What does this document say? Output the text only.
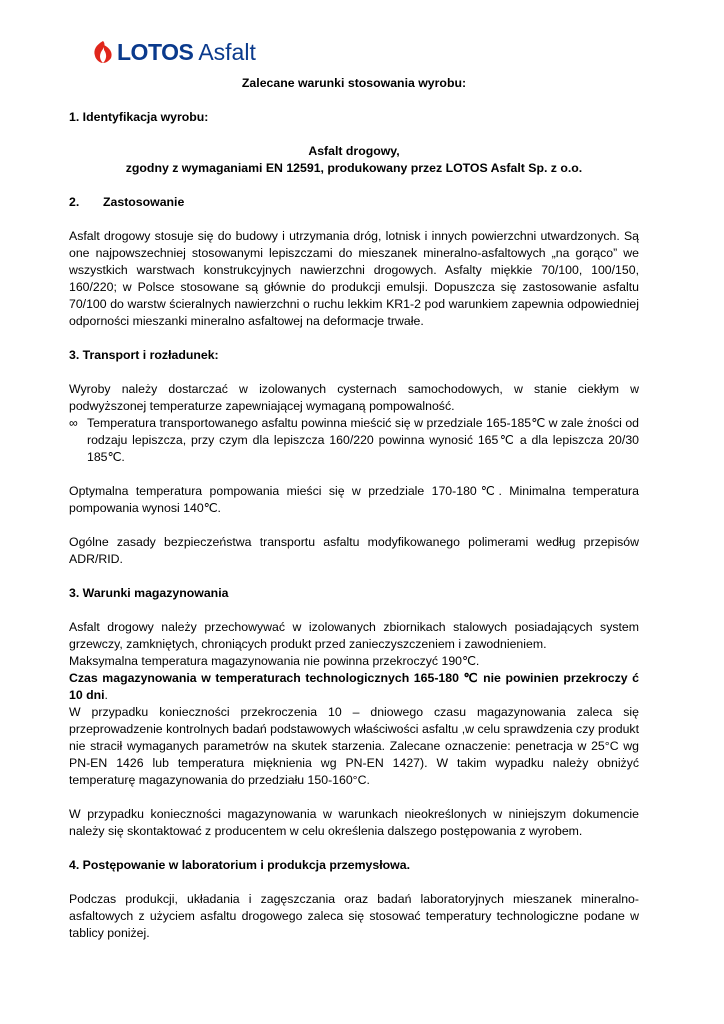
LOTOS Asfalt

Zalecane warunki stosowania wyrobu:

1. Identyfikacja wyrobu:

Asfalt drogowy,

zgodny z wymaganiami EN 12591, produkowany przez LOTOS Asfalt Sp. z o.o.

2.	Zastosowanie

Asfalt drogowy stosuje się do budowy i utrzymania dróg, lotnisk i innych powierzchni utwardzonych. Są one najpowszechniej stosowanymi lepiszczami do mieszanek mineralno-asfaltowych „na gorąco” we wszystkich warstwach konstrukcyjnych nawierzchni drogowych. Asfalty miękkie 70/100, 100/150, 160/220; w Polsce stosowane są głównie do produkcji emulsji. Dopuszcza się zastosowanie asfaltu 70/100 do warstw ścieralnych nawierzchni o ruchu lekkim KR1-2 pod warunkiem zapewnia odpowiedniej odporności mieszanki mineralno asfaltowej na deformacje trwałe.

3. Transport i rozładunek:

Wyroby należy dostarczać w izolowanych cysternach samochodowych, w stanie ciekłym w podwyższonej temperaturze zapewniającej wymaganą pompowalność.

∞ Temperatura transportowanego asfaltu powinna mieścić się w przedziale 165-185℃ w zale żności od rodzaju lepiszcza, przy czym dla lepiszcza 160/220 powinna wynosić 165℃ a dla lepiszcza 20/30 185℃.

Optymalna temperatura pompowania mieści się w przedziale 170-180℃. Minimalna temperatura pompowania wynosi 140℃.

Ogólne zasady bezpieczeństwa transportu asfaltu modyfikowanego polimerami według przepisów ADR/RID.

3. Warunki magazynowania

Asfalt drogowy należy przechowywać w izolowanych zbiornikach stalowych posiadających system grzewczy, zamkniętych, chroniących produkt przed zanieczyszczeniem i zawodnieniem.

Maksymalna temperatura magazynowania nie powinna przekroczyć 190℃.

Czas magazynowania w temperaturach technologicznych 165-180 ℃ nie powinien przekroczy ć 10 dni.

W przypadku konieczności przekroczenia 10 – dniowego czasu magazynowania zaleca się przeprowadzenie kontrolnych badań podstawowych właściwości asfaltu ,w celu sprawdzenia czy produkt nie stracił wymaganych parametrów na skutek starzenia. Zalecane oznaczenie: penetracja w 25°C wg PN-EN 1426 lub temperatura mięknienia wg PN-EN 1427). W takim wypadku należy obniżyć temperaturę magazynowania do przedziału 150-160°C.

W przypadku konieczności magazynowania w warunkach nieokreślonych w niniejszym dokumencie należy się skontaktować z producentem w celu określenia dalszego postępowania z wyrobem.

4. Postępowanie w laboratorium i produkcja przemysłowa.

Podczas produkcji, układania i zagęszczania oraz badań laboratoryjnych mieszanek mineralno-asfaltowych z użyciem asfaltu drogowego zaleca się stosować temperatury technologiczne podane w tablicy poniżej.
